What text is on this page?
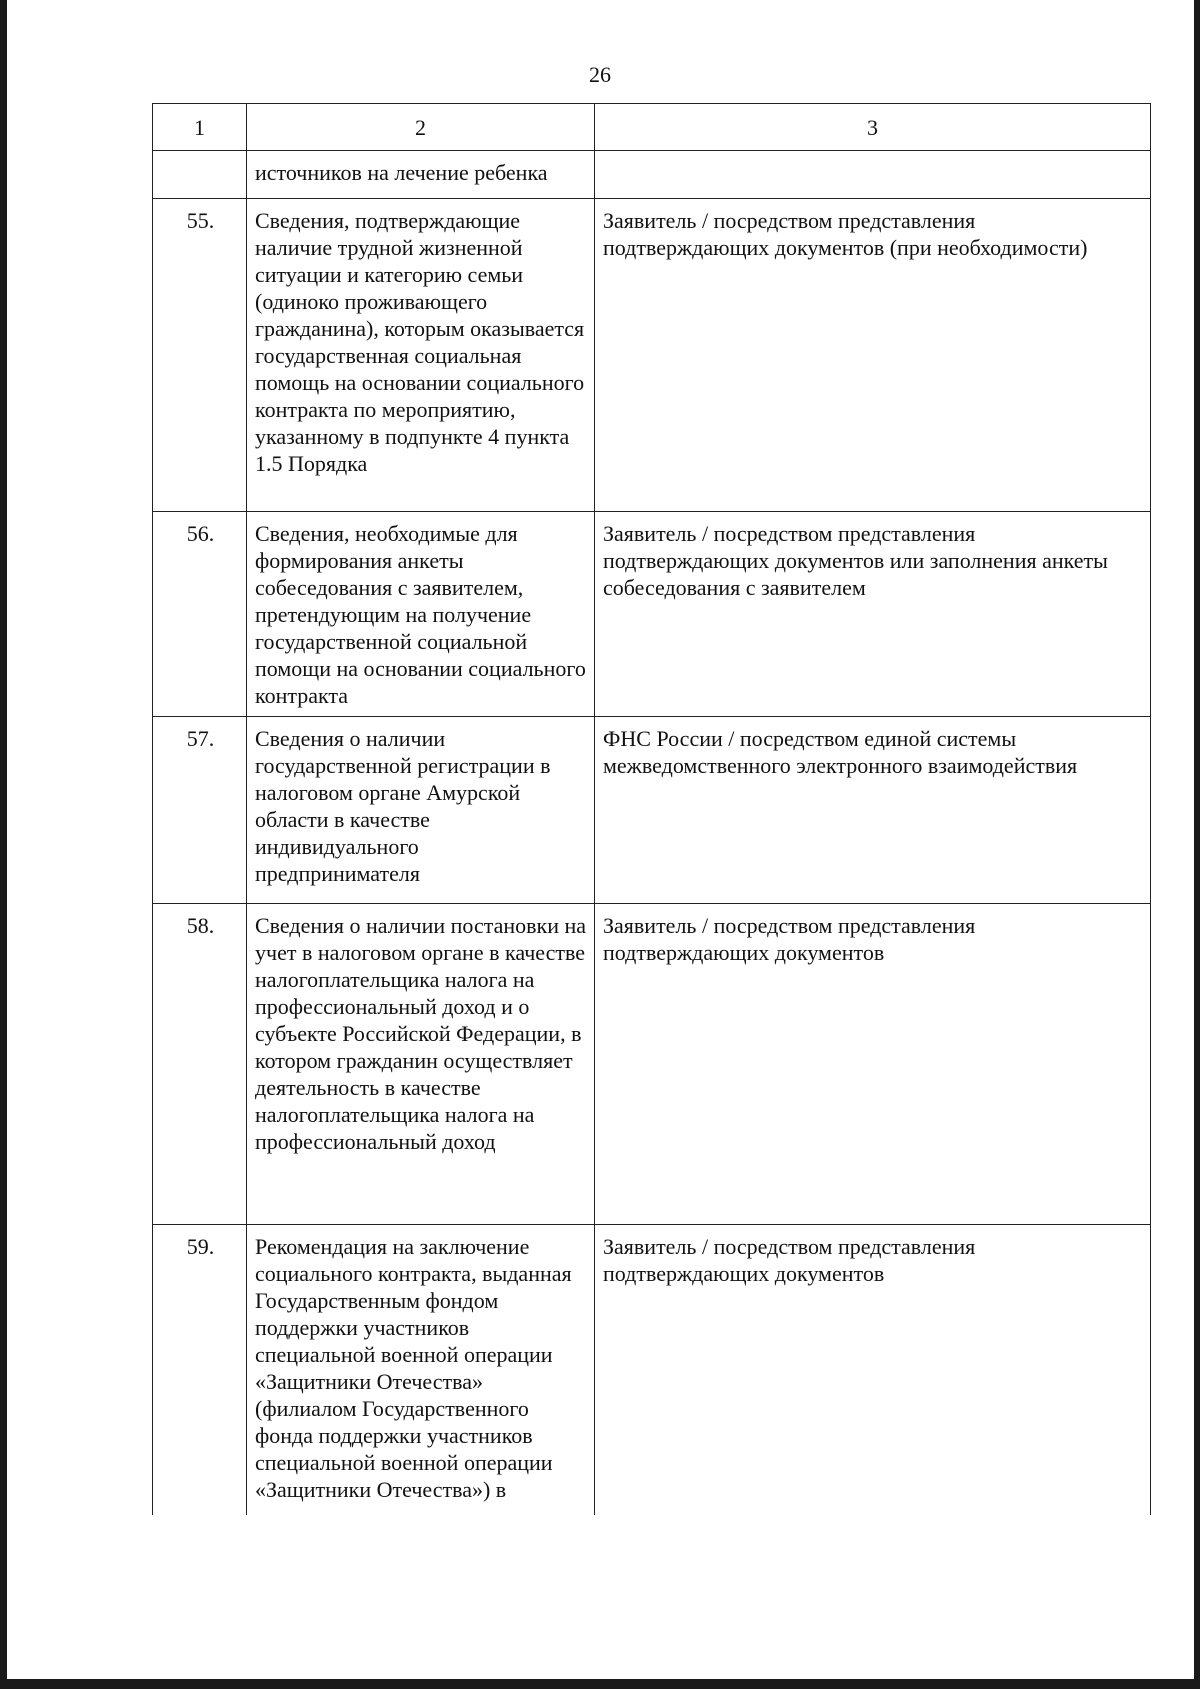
26
1	2	3
	источников на лечение ребенка	
55.	Сведения, подтверждающие наличие трудной жизненной ситуации и категорию семьи (одиноко проживающего гражданина), которым оказывается государственная социальная помощь на основании социального контракта по мероприятию, указанному в подпункте 4 пункта 1.5 Порядка	Заявитель / посредством представления подтверждающих документов (при необходимости)
56.	Сведения, необходимые для формирования анкеты собеседования с заявителем, претендующим на получение государственной социальной помощи на основании социального контракта	Заявитель / посредством представления подтверждающих документов или заполнения анкеты собеседования с заявителем
57.	Сведения о наличии государственной регистрации в налоговом органе Амурской области в качестве индивидуального предпринимателя	ФНС России / посредством единой системы межведомственного электронного взаимодействия
58.	Сведения о наличии постановки на учет в налоговом органе в качестве налогоплательщика налога на профессиональный доход и о субъекте Российской Федерации, в котором гражданин осуществляет деятельность в качестве налогоплательщика налога на профессиональный доход	Заявитель / посредством представления подтверждающих документов
59.	Рекомендация на заключение социального контракта, выданная Государственным фондом поддержки участников специальной военной операции «Защитники Отечества» (филиалом Государственного фонда поддержки участников специальной военной операции «Защитники Отечества») в	Заявитель / посредством представления подтверждающих документов
